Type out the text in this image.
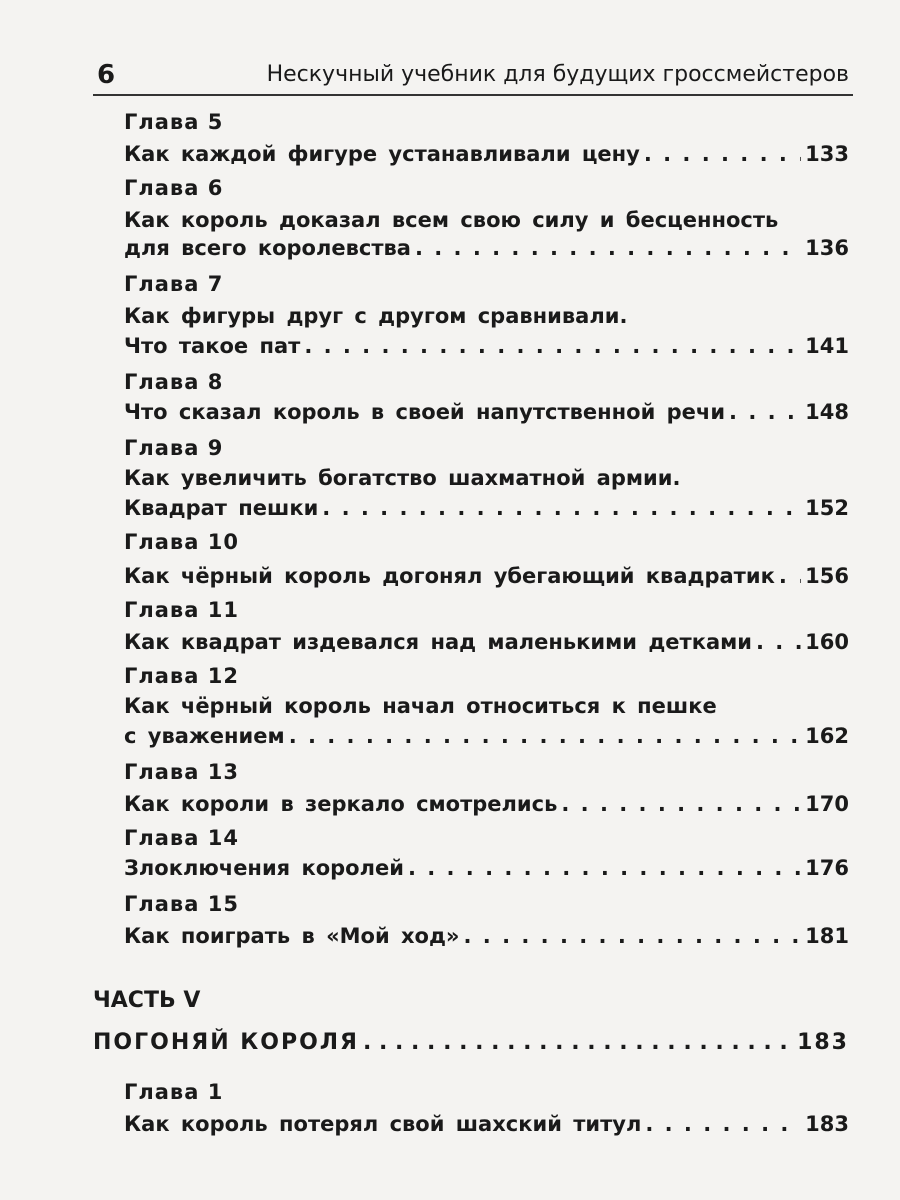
6	Нескучный учебник для будущих гроссмейстеров
Глава 5
Как каждой фигуре устанавливали цену . . .	133
Глава 6
Как король доказал всем свою силу и бесценность
для всего королевства . . .	136
Глава 7
Как фигуры друг с другом сравнивали.
Что такое пат . . .	141
Глава 8
Что сказал король в своей напутственной речи . . .	148
Глава 9
Как увеличить богатство шахматной армии.
Квадрат пешки . . .	152
Глава 10
Как чёрный король догонял убегающий квадратик . . . 156
Глава 11
Как квадрат издевался над маленькими детками . . .	160
Глава 12
Как чёрный король начал относиться к пешке
с уважением . . .	162
Глава 13
Как короли в зеркало смотрелись . . .	170
Глава 14
Злоключения королей . . .	176
Глава 15
Как поиграть в «Мой ход» . . .	181
ЧАСТЬ V
ПОГОНЯЙ КОРОЛЯ . . .	183
Глава 1
Как король потерял свой шахский титул . . .	183
